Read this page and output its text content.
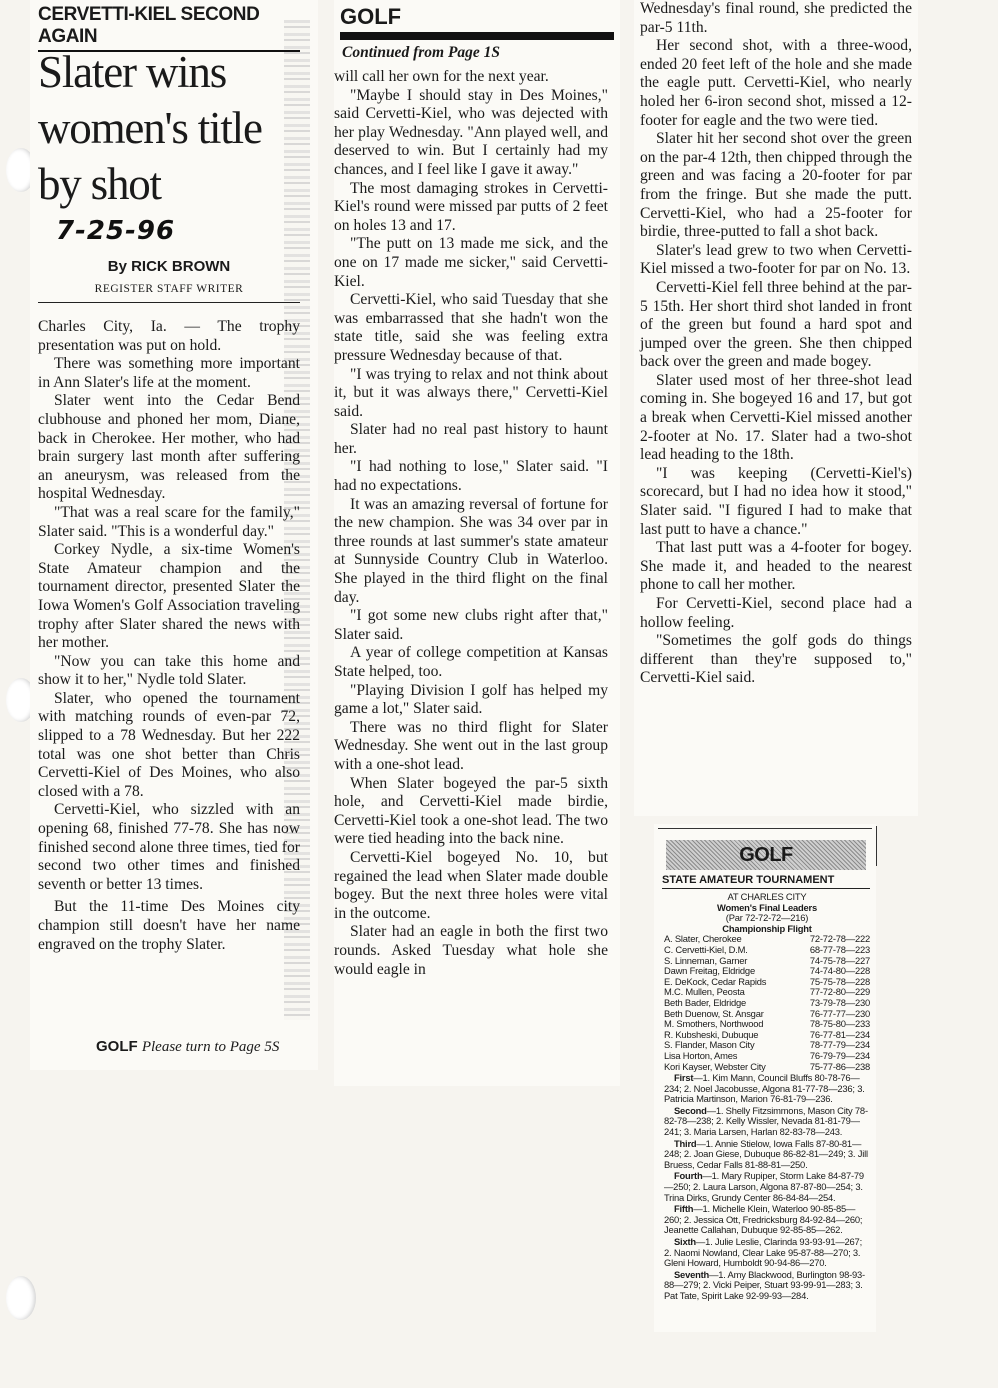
CERVETTI-KIEL SECOND AGAIN
Slater wins women's title by shot
7-25-96
By RICK BROWN
REGISTER STAFF WRITER

Charles City, Ia. — The trophy presentation was put on hold.

There was something more important in Ann Slater's life at the moment.

Slater went into the Cedar Bend clubhouse and phoned her mom, Diane, back in Cherokee. Her mother, who had brain surgery last month after suffering an aneurysm, was released from the hospital Wednesday.

"That was a real scare for the family," Slater said. "This is a wonderful day."

Corkey Nydle, a six-time Women's State Amateur champion and the tournament director, presented Slater the Iowa Women's Golf Association traveling trophy after Slater shared the news with her mother.

"Now you can take this home and show it to her," Nydle told Slater.

Slater, who opened the tournament with matching rounds of even-par 72, slipped to a 78 Wednesday. But her 222 total was one shot better than Chris Cervetti-Kiel of Des Moines, who also closed with a 78.

Cervetti-Kiel, who sizzled with an opening 68, finished 77-78. She has now finished second alone three times, tied for second two other times and finished seventh or better 13 times.

But the 11-time Des Moines city champion still doesn't have her name engraved on the trophy Slater.

GOLF Please turn to Page 5S
GOLF
Continued from Page 1S

will call her own for the next year.

"Maybe I should stay in Des Moines," said Cervetti-Kiel, who was dejected with her play Wednesday. "Ann played well, and deserved to win. But I certainly had my chances, and I feel like I gave it away."

The most damaging strokes in Cervetti-Kiel's round were missed par putts of 2 feet on holes 13 and 17.

"The putt on 13 made me sick, and the one on 17 made me sicker," said Cervetti-Kiel.

Cervetti-Kiel, who said Tuesday that she was embarrassed that she hadn't won the state title, said she was feeling extra pressure Wednesday because of that.

"I was trying to relax and not think about it, but it was always there," Cervetti-Kiel said.

Slater had no real past history to haunt her.

"I had nothing to lose," Slater said. "I had no expectations.

It was an amazing reversal of fortune for the new champion. She was 34 over par in three rounds at last summer's state amateur at Sunnyside Country Club in Waterloo. She played in the third flight on the final day.

"I got some new clubs right after that," Slater said.

A year of college competition at Kansas State helped, too.

"Playing Division I golf has helped my game a lot," Slater said.

There was no third flight for Slater Wednesday. She went out in the last group with a one-shot lead.

When Slater bogeyed the par-5 sixth hole, and Cervetti-Kiel made birdie, Cervetti-Kiel took a one-shot lead. The two were tied heading into the back nine.

Cervetti-Kiel bogeyed No. 10, but regained the lead when Slater made double bogey. But the next three holes were vital in the outcome.

Slater had an eagle in both the first two rounds. Asked Tuesday what hole she would eagle in

Wednesday's final round, she predicted the par-5 11th.

Her second shot, with a three-wood, ended 20 feet left of the hole and she made the eagle putt. Cervetti-Kiel, who nearly holed her 6-iron second shot, missed a 12-footer for eagle and the two were tied.

Slater hit her second shot over the green on the par-4 12th, then chipped through the green and was facing a 20-footer for par from the fringe. But she made the putt. Cervetti-Kiel, who had a 25-footer for birdie, three-putted to fall a shot back.

Slater's lead grew to two when Cervetti-Kiel missed a two-footer for par on No. 13.

Cervetti-Kiel fell three behind at the par-5 15th. Her short third shot landed in front of the green but found a hard spot and jumped over the green. She then chipped back over the green and made bogey.

Slater used most of her three-shot lead coming in. She bogeyed 16 and 17, but got a break when Cervetti-Kiel missed another 2-footer at No. 17. Slater had a two-shot lead heading to the 18th.

"I was keeping (Cervetti-Kiel's) scorecard, but I had no idea how it stood," Slater said. "I figured I had to make that last putt to have a chance."

That last putt was a 4-footer for bogey. She made it, and headed to the nearest phone to call her mother.

For Cervetti-Kiel, second place had a hollow feeling.

"Sometimes the golf gods do things different than they're supposed to," Cervetti-Kiel said.

GOLF
STATE AMATEUR TOURNAMENT
AT CHARLES CITY
Women's Final Leaders
(Par 72-72-72—216)
Championship Flight
A. Slater, Cherokee	72-72-78—222
C. Cervetti-Kiel, D.M.	68-77-78—223
S. Linneman, Garner	74-75-78—227
Dawn Freitag, Eldridge	74-74-80—228
E. DeKock, Cedar Rapids	75-75-78—228
M.C. Mullen, Peosta	77-72-80—229
Beth Bader, Eldridge	73-79-78—230
Beth Duenow, St. Ansgar	76-77-77—230
M. Smothers, Northwood	78-75-80—233
R. Kubsheski, Dubuque	76-77-81—234
S. Flander, Mason City	78-77-79—234
Lisa Horton, Ames	76-79-79—234
Kori Kayser, Webster City	75-77-86—238
First—1. Kim Mann, Council Bluffs 80-78-76—234; 2. Noel Jacobusse, Algona 81-77-78—236; 3. Patricia Martinson, Marion 76-81-79—236.
Second—1. Shelly Fitzsimmons, Mason City 78-82-78—238; 2. Kelly Wissler, Nevada 81-81-79—241; 3. Maria Larsen, Harlan 82-83-78—243.
Third—1. Annie Stielow, Iowa Falls 87-80-81—248; 2. Joan Giese, Dubuque 86-82-81—249; 3. Jill Bruess, Cedar Falls 81-88-81—250.
Fourth—1. Mary Rupiper, Storm Lake 84-87-79—250; 2. Laura Larson, Algona 87-87-80—254; 3. Trina Dirks, Grundy Center 86-84-84—254.
Fifth—1. Michelle Klein, Waterloo 90-85-85—260; 2. Jessica Ott, Fredricksburg 84-92-84—260; Jeanette Callahan, Dubuque 92-85-85—262.
Sixth—1. Julie Leslie, Clarinda 93-93-91—267; 2. Naomi Nowland, Clear Lake 95-87-88—270; 3. Gleni Howard, Humboldt 90-94-86—270.
Seventh—1. Amy Blackwood, Burlington 98-93-88—279; 2. Vicki Peiper, Stuart 93-99-91—283; 3. Pat Tate, Spirit Lake 92-99-93—284.
